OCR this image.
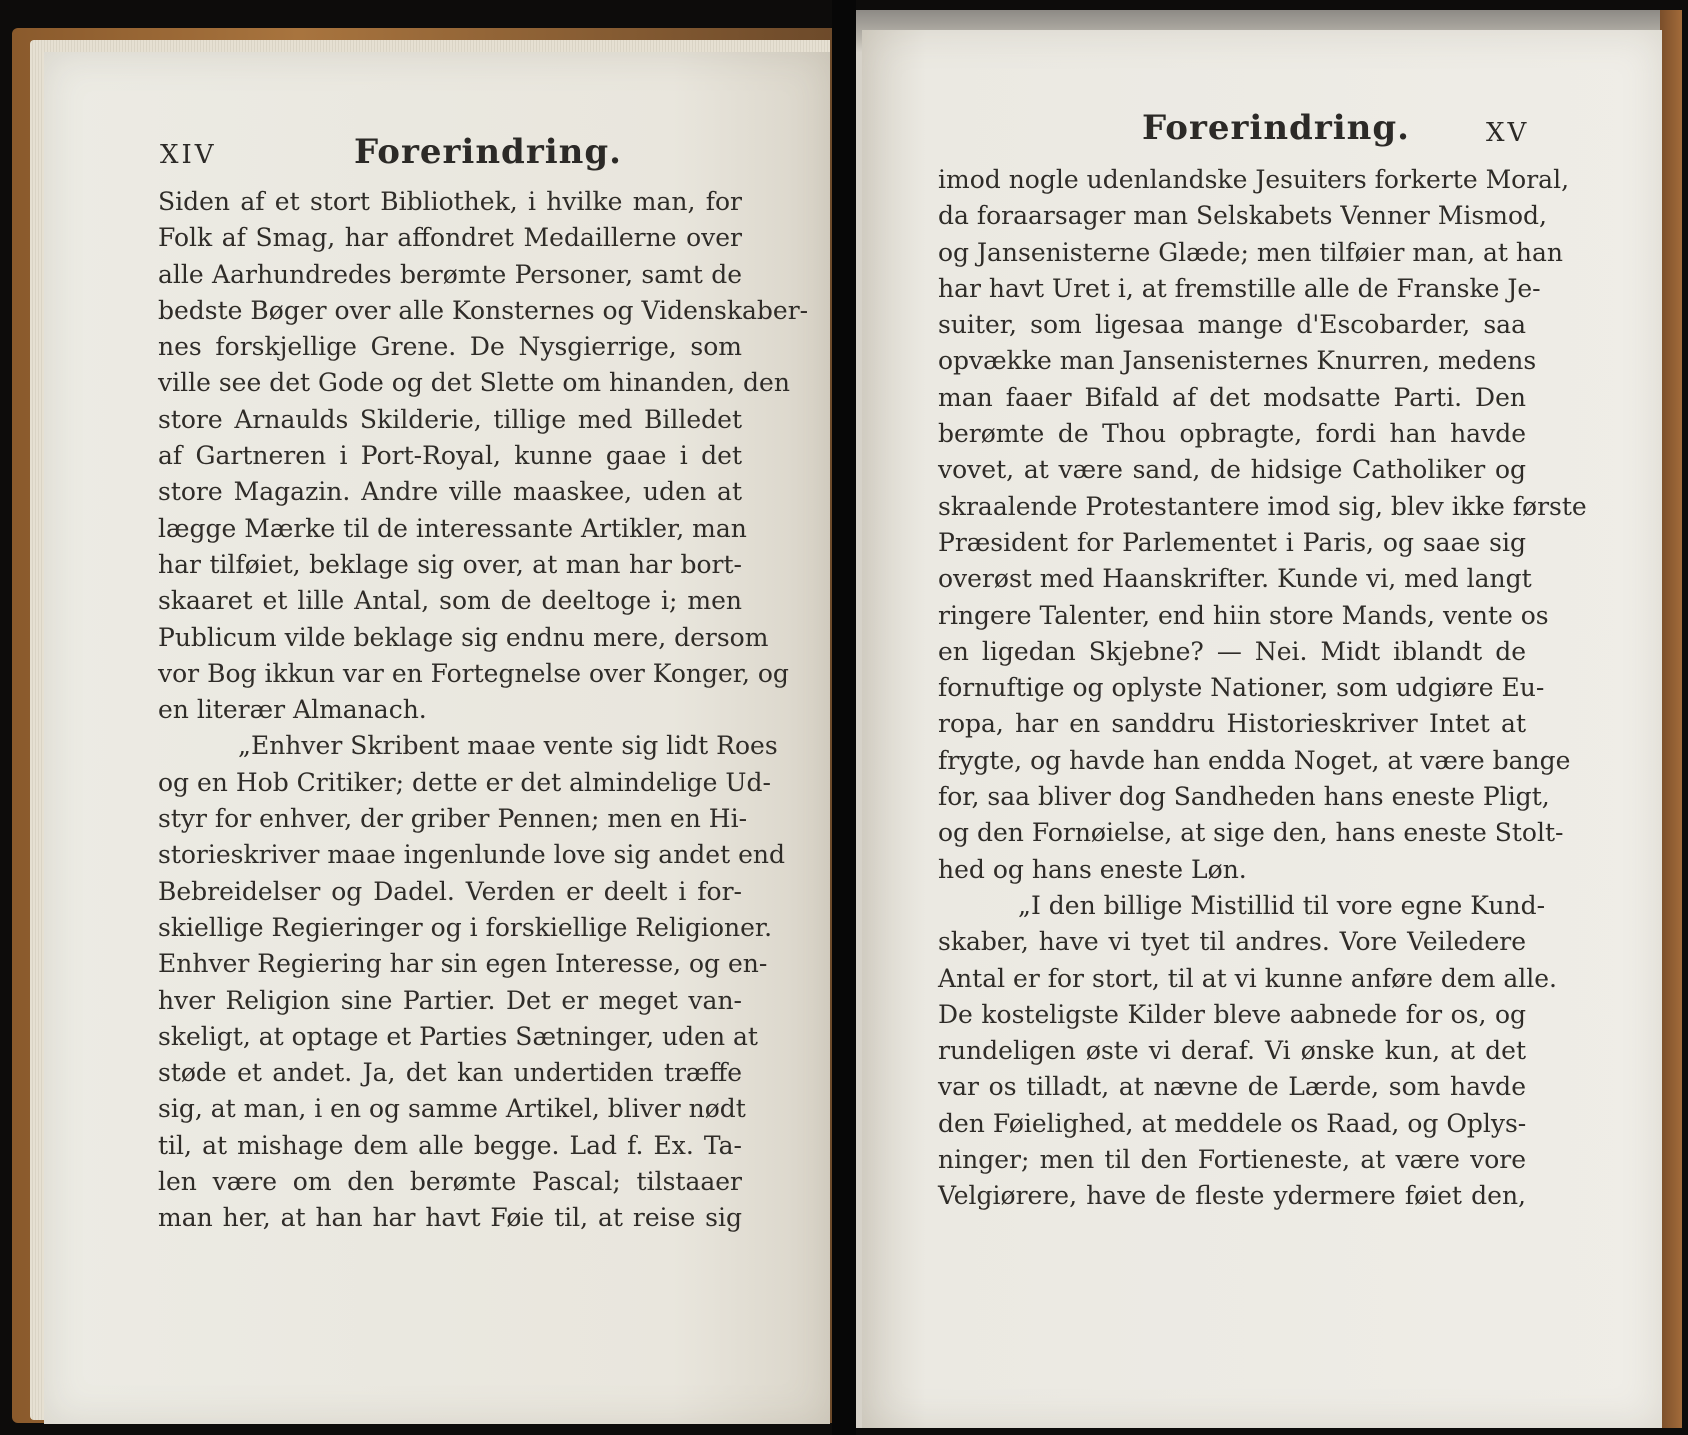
XIV	Forerindring.
Siden af et stort Bibliothek, i hvilke man, for
Folk af Smag, har affondret Medaillerne over
alle Aarhundredes berømte Personer, samt de
bedste Bøger over alle Konsternes og Videnskaber-
nes forskjellige Grene. De Nysgierrige, som
ville see det Gode og det Slette om hinanden, den
store Arnaulds Skilderie, tillige med Billedet
af Gartneren i Port-Royal, kunne gaae i det
store Magazin. Andre ville maaskee, uden at
lægge Mærke til de interessante Artikler, man
har tilføiet, beklage sig over, at man har bort-
skaaret et lille Antal, som de deeltoge i; men
Publicum vilde beklage sig endnu mere, dersom
vor Bog ikkun var en Fortegnelse over Konger, og
en literær Almanach.
„Enhver Skribent maae vente sig lidt Roes
og en Hob Critiker; dette er det almindelige Ud-
styr for enhver, der griber Pennen; men en Hi-
storieskriver maae ingenlunde love sig andet end
Bebreidelser og Dadel. Verden er deelt i for-
skiellige Regieringer og i forskiellige Religioner.
Enhver Regiering har sin egen Interesse, og en-
hver Religion sine Partier. Det er meget van-
skeligt, at optage et Parties Sætninger, uden at
støde et andet. Ja, det kan undertiden træffe
sig, at man, i en og samme Artikel, bliver nødt
til, at mishage dem alle begge. Lad f. Ex. Ta-
len være om den berømte Pascal; tilstaaer
man her, at han har havt Føie til, at reise sig
Forerindring.	XV
imod nogle udenlandske Jesuiters forkerte Moral,
da foraarsager man Selskabets Venner Mismod,
og Jansenisterne Glæde; men tilføier man, at han
har havt Uret i, at fremstille alle de Franske Je-
suiter, som ligesaa mange d'Escobarder, saa
opvække man Jansenisternes Knurren, medens
man faaer Bifald af det modsatte Parti. Den
berømte de Thou opbragte, fordi han havde
vovet, at være sand, de hidsige Catholiker og
skraalende Protestantere imod sig, blev ikke første
Præsident for Parlementet i Paris, og saae sig
overøst med Haanskrifter. Kunde vi, med langt
ringere Talenter, end hiin store Mands, vente os
en ligedan Skjebne? — Nei. Midt iblandt de
fornuftige og oplyste Nationer, som udgiøre Eu-
ropa, har en sanddru Historieskriver Intet at
frygte, og havde han endda Noget, at være bange
for, saa bliver dog Sandheden hans eneste Pligt,
og den Fornøielse, at sige den, hans eneste Stolt-
hed og hans eneste Løn.
„I den billige Mistillid til vore egne Kund-
skaber, have vi tyet til andres. Vore Veiledere
Antal er for stort, til at vi kunne anføre dem alle.
De kosteligste Kilder bleve aabnede for os, og
rundeligen øste vi deraf. Vi ønske kun, at det
var os tilladt, at nævne de Lærde, som havde
den Føielighed, at meddele os Raad, og Oplys-
ninger; men til den Fortieneste, at være vore
Velgiørere, have de fleste ydermere føiet den,
